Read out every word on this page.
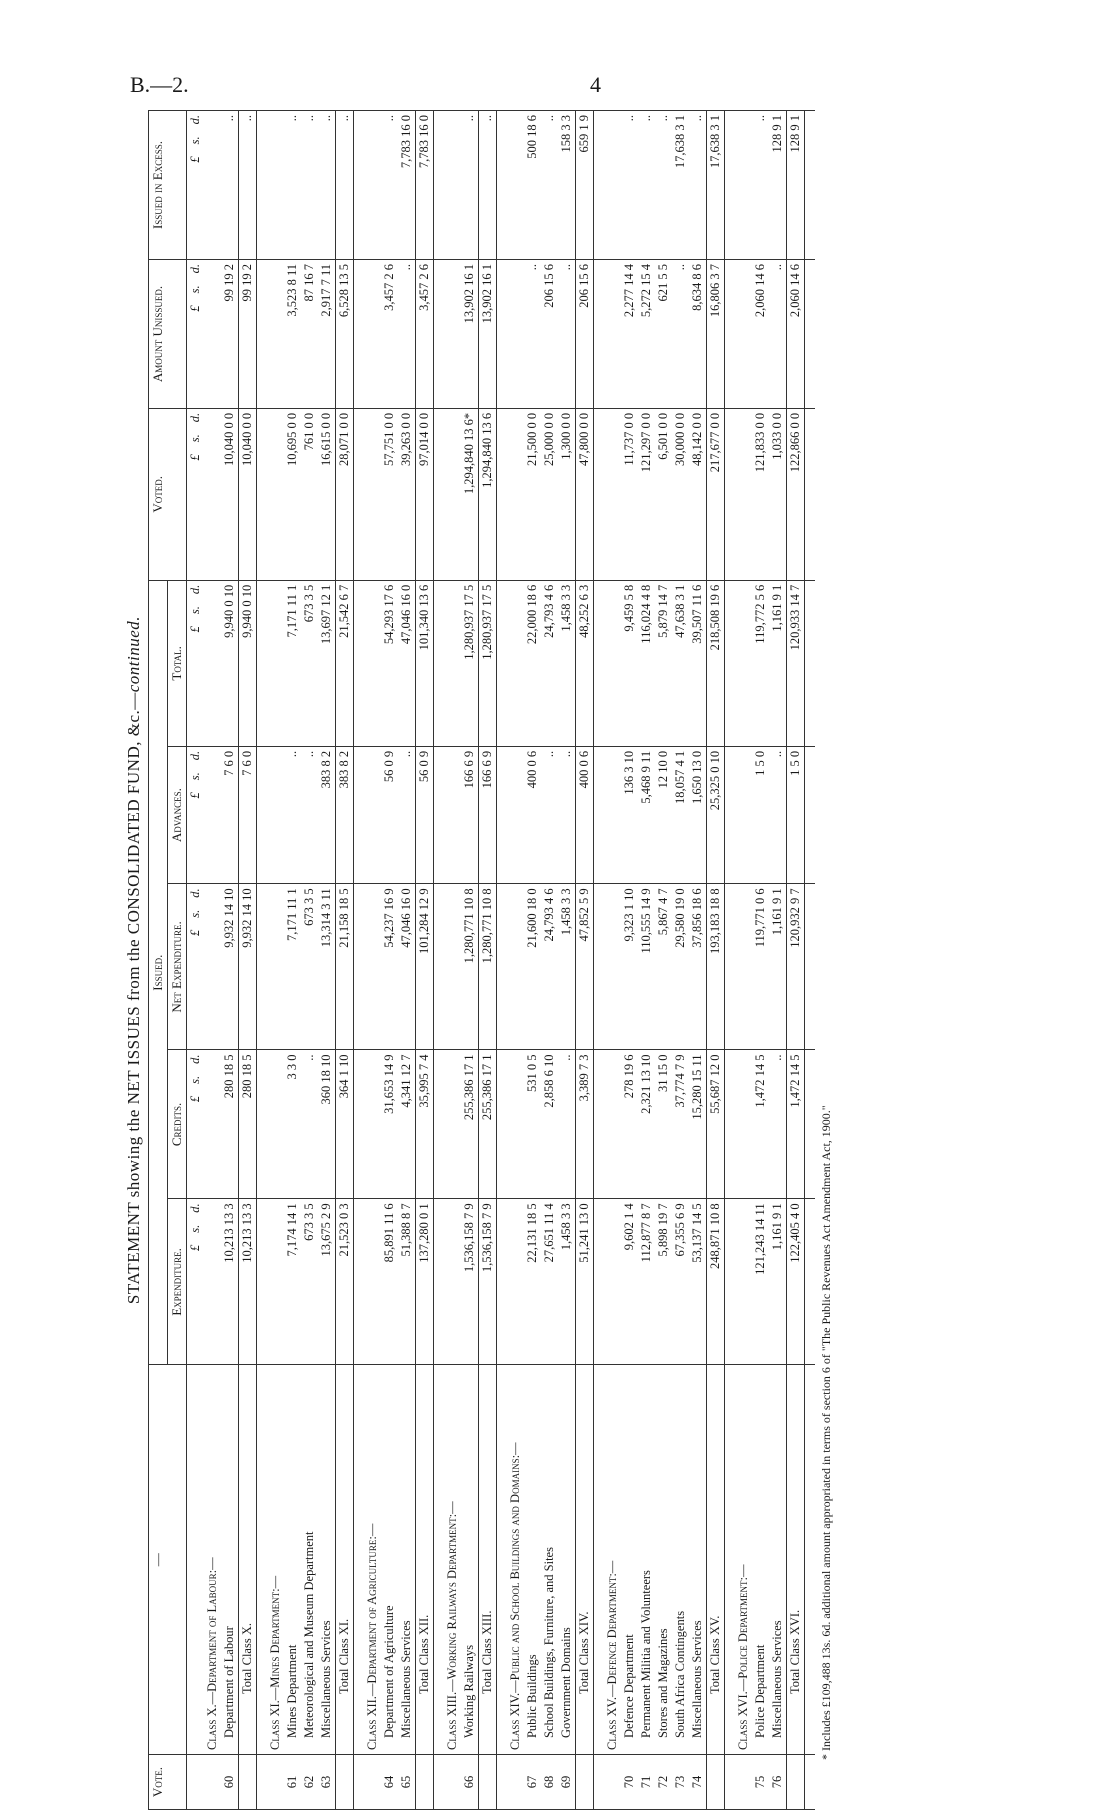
B.—2.	4
STATEMENT showing the NET ISSUES from the CONSOLIDATED FUND, &c.—continued.
Vote.	—	Issued.					Voted.	Amount Unissued.	Issued in Excess.
		Expenditure.	Credits.	Net Expenditure.	Advances.	Total.			
		£s.d.	£s.d.	£s.d.	£s.d.	£s.d.	£s.d.	£s.d.	£s.d.
	Class X.—Department of Labour:—								
60	Department of Labour	10,213 13 3	280 18 5	9,932 14 10	7 6 0	9,940 0 10	10,040 0 0	99 19 2	..
	Total Class X.	10,213 13 3	280 18 5	9,932 14 10	7 6 0	9,940 0 10	10,040 0 0	99 19 2	..

	Class XI.—Mines Department:—								
61	Mines Department	7,174 14 1	3 3 0	7,171 11 1	..	7,171 11 1	10,695 0 0	3,523 8 11	..
62	Meteorological and Museum Department	673 3 5	..	673 3 5	..	673 3 5	761 0 0	87 16 7	..
63	Miscellaneous Services	13,675 2 9	360 18 10	13,314 3 11	383 8 2	13,697 12 1	16,615 0 0	2,917 7 11	..
	Total Class XI.	21,523 0 3	364 1 10	21,158 18 5	383 8 2	21,542 6 7	28,071 0 0	6,528 13 5	..

	Class XII.—Department of Agriculture:—								
64	Department of Agriculture	85,891 11 6	31,653 14 9	54,237 16 9	56 0 9	54,293 17 6	57,751 0 0	3,457 2 6	..
65	Miscellaneous Services	51,388 8 7	4,341 12 7	47,046 16 0	..	47,046 16 0	39,263 0 0	..	7,783 16 0
	Total Class XII.	137,280 0 1	35,995 7 4	101,284 12 9	56 0 9	101,340 13 6	97,014 0 0	3,457 2 6	7,783 16 0

	Class XIII.—Working Railways Department:—								
66	Working Railways	1,536,158 7 9	255,386 17 1	1,280,771 10 8	166 6 9	1,280,937 17 5	1,294,840 13 6*	13,902 16 1	..
	Total Class XIII.	1,536,158 7 9	255,386 17 1	1,280,771 10 8	166 6 9	1,280,937 17 5	1,294,840 13 6	13,902 16 1	..

	Class XIV.—Public and School Buildings and Domains:—								
67	Public Buildings	22,131 18 5	531 0 5	21,600 18 0	400 0 6	22,000 18 6	21,500 0 0	..	500 18 6
68	School Buildings, Furniture, and Sites	27,651 11 4	2,858 6 10	24,793 4 6	..	24,793 4 6	25,000 0 0	206 15 6	..
69	Government Domains	1,458 3 3	..	1,458 3 3	..	1,458 3 3	1,300 0 0	..	158 3 3
	Total Class XIV.	51,241 13 0	3,389 7 3	47,852 5 9	400 0 6	48,252 6 3	47,800 0 0	206 15 6	659 1 9

	Class XV.—Defence Department:—								
70	Defence Department	9,602 1 4	278 19 6	9,323 1 10	136 3 10	9,459 5 8	11,737 0 0	2,277 14 4	..
71	Permanent Militia and Volunteers	112,877 8 7	2,321 13 10	110,555 14 9	5,468 9 11	116,024 4 8	121,297 0 0	5,272 15 4	..
72	Stores and Magazines	5,898 19 7	31 15 0	5,867 4 7	12 10 0	5,879 14 7	6,501 0 0	621 5 5	..
73	South Africa Contingents	67,355 6 9	37,774 7 9	29,580 19 0	18,057 4 1	47,638 3 1	30,000 0 0	..	17,638 3 1
74	Miscellaneous Services	53,137 14 5	15,280 15 11	37,856 18 6	1,650 13 0	39,507 11 6	48,142 0 0	8,634 8 6	..
	Total Class XV.	248,871 10 8	55,687 12 0	193,183 18 8	25,325 0 10	218,508 19 6	217,677 0 0	16,806 3 7	17,638 3 1

	Class XVI.—Police Department:—								
75	Police Department	121,243 14 11	1,472 14 5	119,771 0 6	1 5 0	119,772 5 6	121,833 0 0	2,060 14 6	..
76	Miscellaneous Services	1,161 9 1	..	1,161 9 1	..	1,161 9 1	1,033 0 0	..	128 9 1
	Total Class XVI.	122,405 4 0	1,472 14 5	120,932 9 7	1 5 0	120,933 14 7	122,866 0 0	2,060 14 6	128 9 1

* Includes £109,488 13s. 6d. additional amount appropriated in terms of section 6 of "The Public Revenues Act Amendment Act, 1900."
